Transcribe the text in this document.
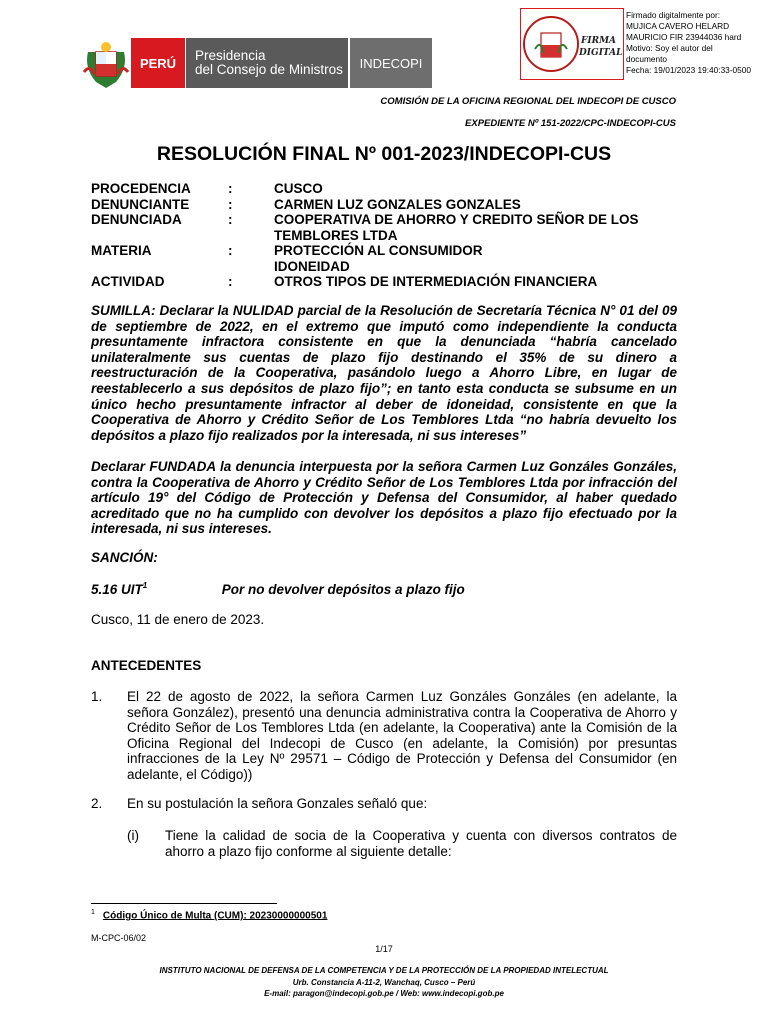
PERÚ	Presidencia
del Consejo de Ministros	INDECOPI
FIRMA
DIGITAL
Firmado digitalmente por:
MUJICA CAVERO HELARD
MAURICIO FIR 23944036 hard
Motivo: Soy el autor del
documento
Fecha: 19/01/2023 19:40:33-0500
COMISIÓN DE LA OFICINA REGIONAL DEL INDECOPI DE CUSCO
EXPEDIENTE Nº 151-2022/CPC-INDECOPI-CUS
RESOLUCIÓN FINAL Nº 001-2023/INDECOPI-CUS
PROCEDENCIA	:	CUSCO
DENUNCIANTE	:	CARMEN LUZ GONZALES GONZALES
DENUNCIADA	:	COOPERATIVA DE AHORRO Y CREDITO SEÑOR DE LOS TEMBLORES LTDA
MATERIA	:	PROTECCIÓN AL CONSUMIDOR
IDONEIDAD
ACTIVIDAD	:	OTROS TIPOS DE INTERMEDIACIÓN FINANCIERA
SUMILLA: Declarar la NULIDAD parcial de la Resolución de Secretaría Técnica N° 01 del 09 de septiembre de 2022, en el extremo que imputó como independiente la conducta presuntamente infractora consistente en que la denunciada “habría cancelado unilateralmente sus cuentas de plazo fijo destinando el 35% de su dinero a reestructuración de la Cooperativa, pasándolo luego a Ahorro Libre, en lugar de reestablecerlo a sus depósitos de plazo fijo”; en tanto esta conducta se subsume en un único hecho presuntamente infractor al deber de idoneidad, consistente en que la Cooperativa de Ahorro y Crédito Señor de Los Temblores Ltda “no habría devuelto los depósitos a plazo fijo realizados por la interesada, ni sus intereses”
Declarar FUNDADA la denuncia interpuesta por la señora Carmen Luz Gonzáles Gonzáles, contra la Cooperativa de Ahorro y Crédito Señor de Los Temblores Ltda por infracción del artículo 19° del Código de Protección y Defensa del Consumidor, al haber quedado acreditado que no ha cumplido con devolver los depósitos a plazo fijo efectuado por la interesada, ni sus intereses.
SANCIÓN:
5.16 UIT$^1$	Por no devolver depósitos a plazo fijo
Cusco, 11 de enero de 2023.
ANTECEDENTES
1.	El 22 de agosto de 2022, la señora Carmen Luz Gonzáles Gonzáles (en adelante, la señora González), presentó una denuncia administrativa contra la Cooperativa de Ahorro y Crédito Señor de Los Temblores Ltda (en adelante, la Cooperativa) ante la Comisión de la Oficina Regional del Indecopi de Cusco (en adelante, la Comisión) por presuntas infracciones de la Ley Nº 29571 – Código de Protección y Defensa del Consumidor (en adelante, el Código))
2.	En su postulación la señora Gonzales señaló que:
(i)	Tiene la calidad de socia de la Cooperativa y cuenta con diversos contratos de ahorro a plazo fijo conforme al siguiente detalle:
$^1$ Código Único de Multa (CUM): 20230000000501
M-CPC-06/02
1/17
INSTITUTO NACIONAL DE DEFENSA DE LA COMPETENCIA Y DE LA PROTECCIÓN DE LA PROPIEDAD INTELECTUAL
Urb. Constancia A-11-2, Wanchaq, Cusco – Perú
E-mail: paragon@indecopi.gob.pe / Web: www.indecopi.gob.pe
